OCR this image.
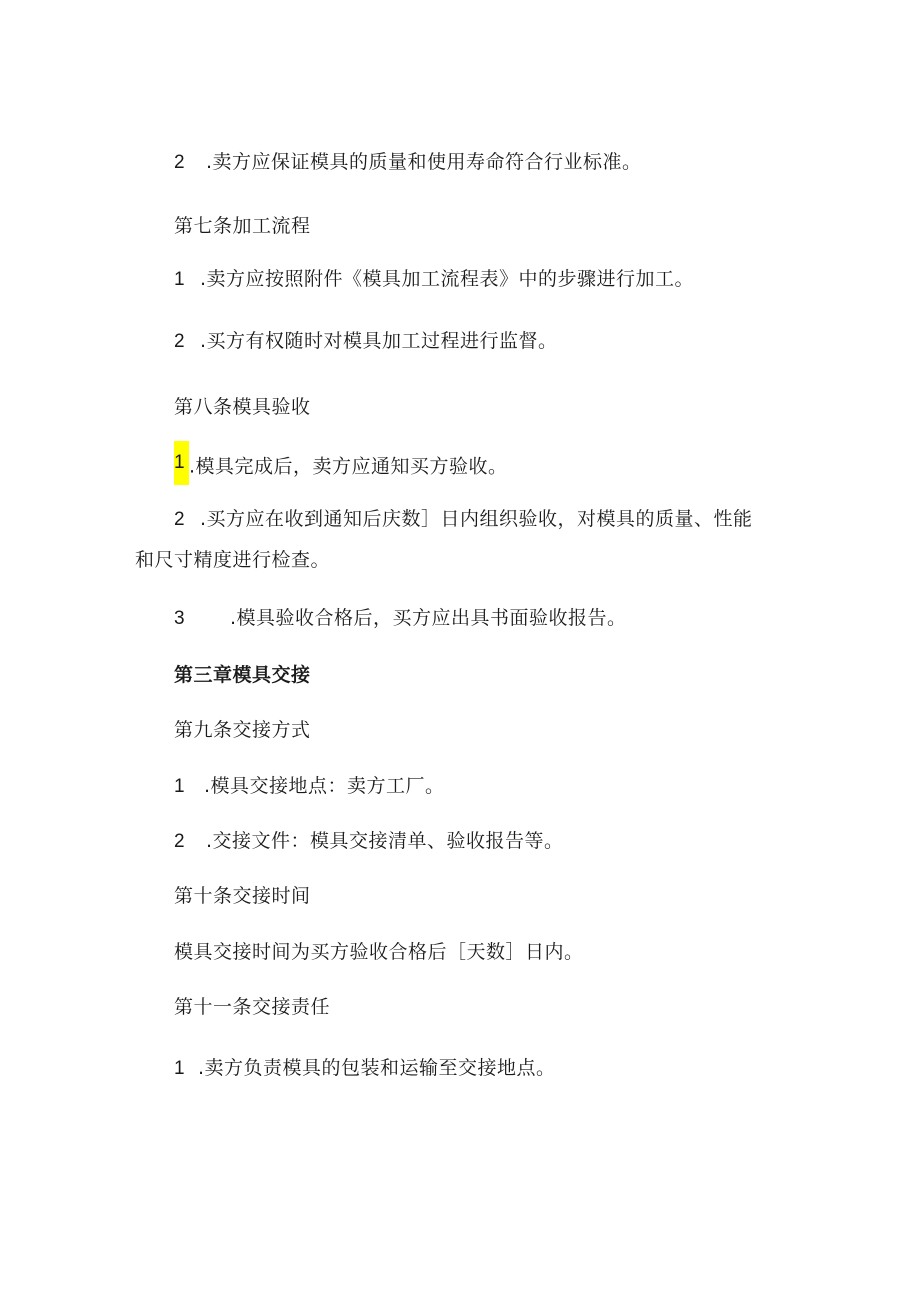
2 .卖方应保证模具的质量和使用寿命符合行业标准。
第七条加工流程
1 .卖方应按照附件《模具加工流程表》中的步骤进行加工。
2 .买方有权随时对模具加工过程进行监督。
第八条模具验收
1 .模具完成后，卖方应通知买方验收。
2 .买方应在收到通知后庆数］日内组织验收，对模具的质量、性能
和尺寸精度进行检查。
3 .模具验收合格后，买方应出具书面验收报告。
第三章模具交接
第九条交接方式
1 .模具交接地点：卖方工厂。
2 .交接文件：模具交接清单、验收报告等。
第十条交接时间
模具交接时间为买方验收合格后［天数］日内。
第十一条交接责任
1 .卖方负责模具的包装和运输至交接地点。
